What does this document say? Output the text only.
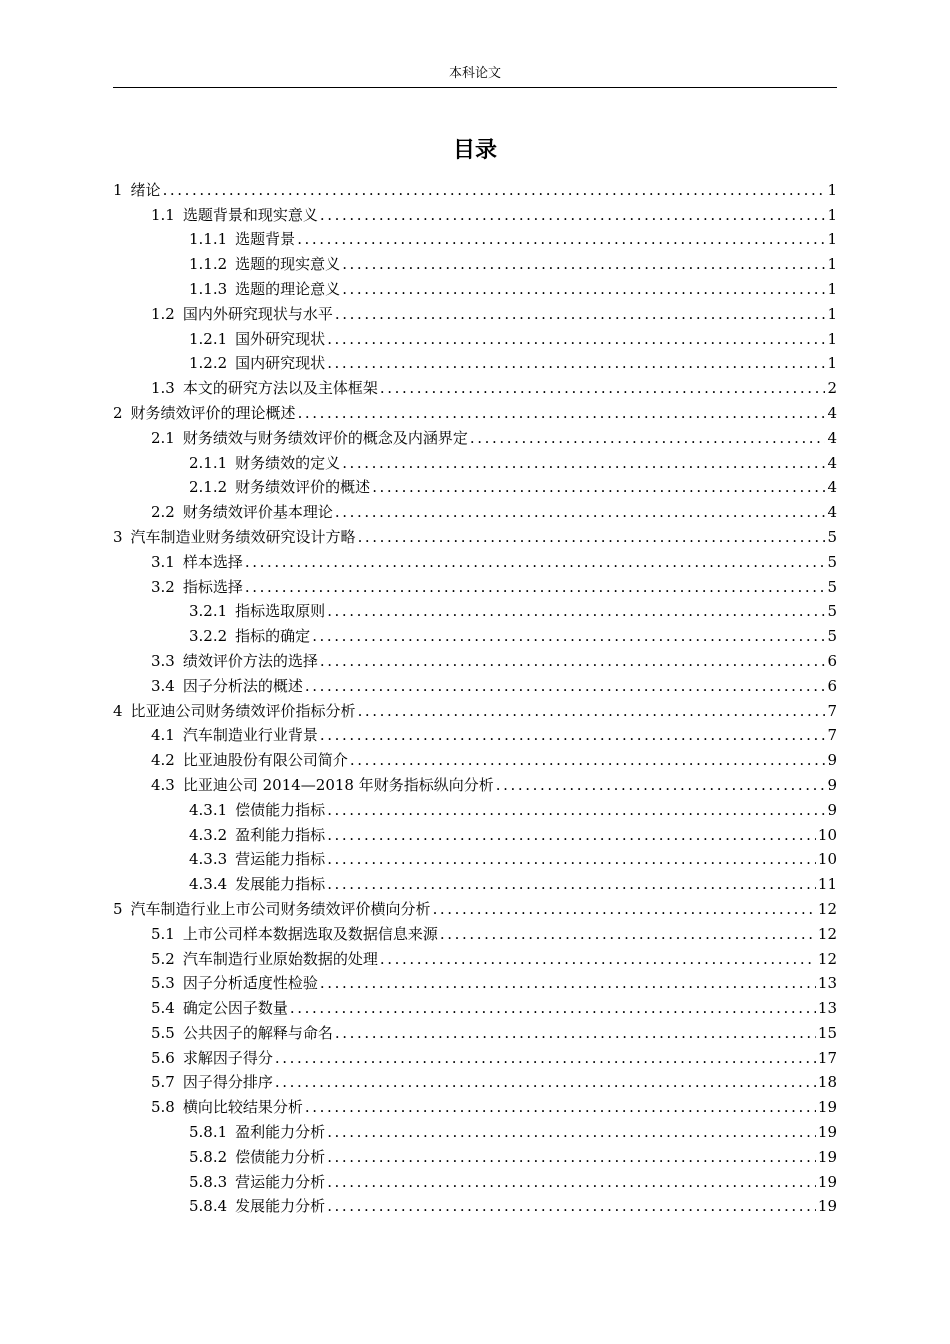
本科论文
目录
1 绪论 .....	1
1.1 选题背景和现实意义 .....	1
1.1.1 选题背景 .....	1
1.1.2 选题的现实意义 .....	1
1.1.3 选题的理论意义 .....	1
1.2 国内外研究现状与水平 .....	1
1.2.1 国外研究现状 .....	1
1.2.2 国内研究现状 .....	1
1.3 本文的研究方法以及主体框架 .....	2
2 财务绩效评价的理论概述 .....	4
2.1 财务绩效与财务绩效评价的概念及内涵界定 .....	4
2.1.1 财务绩效的定义 .....	4
2.1.2 财务绩效评价的概述 .....	4
2.2 财务绩效评价基本理论 .....	4
3 汽车制造业财务绩效研究设计方略 .....	5
3.1 样本选择 .....	5
3.2 指标选择 .....	5
3.2.1 指标选取原则 .....	5
3.2.2 指标的确定 .....	5
3.3 绩效评价方法的选择 .....	6
3.4 因子分析法的概述 .....	6
4 比亚迪公司财务绩效评价指标分析 .....	7
4.1 汽车制造业行业背景 .....	7
4.2 比亚迪股份有限公司简介 .....	9
4.3 比亚迪公司 2014—2018 年财务指标纵向分析 .....	9
4.3.1 偿债能力指标 .....	9
4.3.2 盈利能力指标 .....	10
4.3.3 营运能力指标 .....	10
4.3.4 发展能力指标 .....	11
5 汽车制造行业上市公司财务绩效评价横向分析 .....	12
5.1 上市公司样本数据选取及数据信息来源 .....	12
5.2 汽车制造行业原始数据的处理 .....	12
5.3 因子分析适度性检验 .....	13
5.4 确定公因子数量 .....	13
5.5 公共因子的解释与命名 .....	15
5.6 求解因子得分 .....	17
5.7 因子得分排序 .....	18
5.8 横向比较结果分析 .....	19
5.8.1 盈利能力分析 .....	19
5.8.2 偿债能力分析 .....	19
5.8.3 营运能力分析 .....	19
5.8.4 发展能力分析 .....	19
